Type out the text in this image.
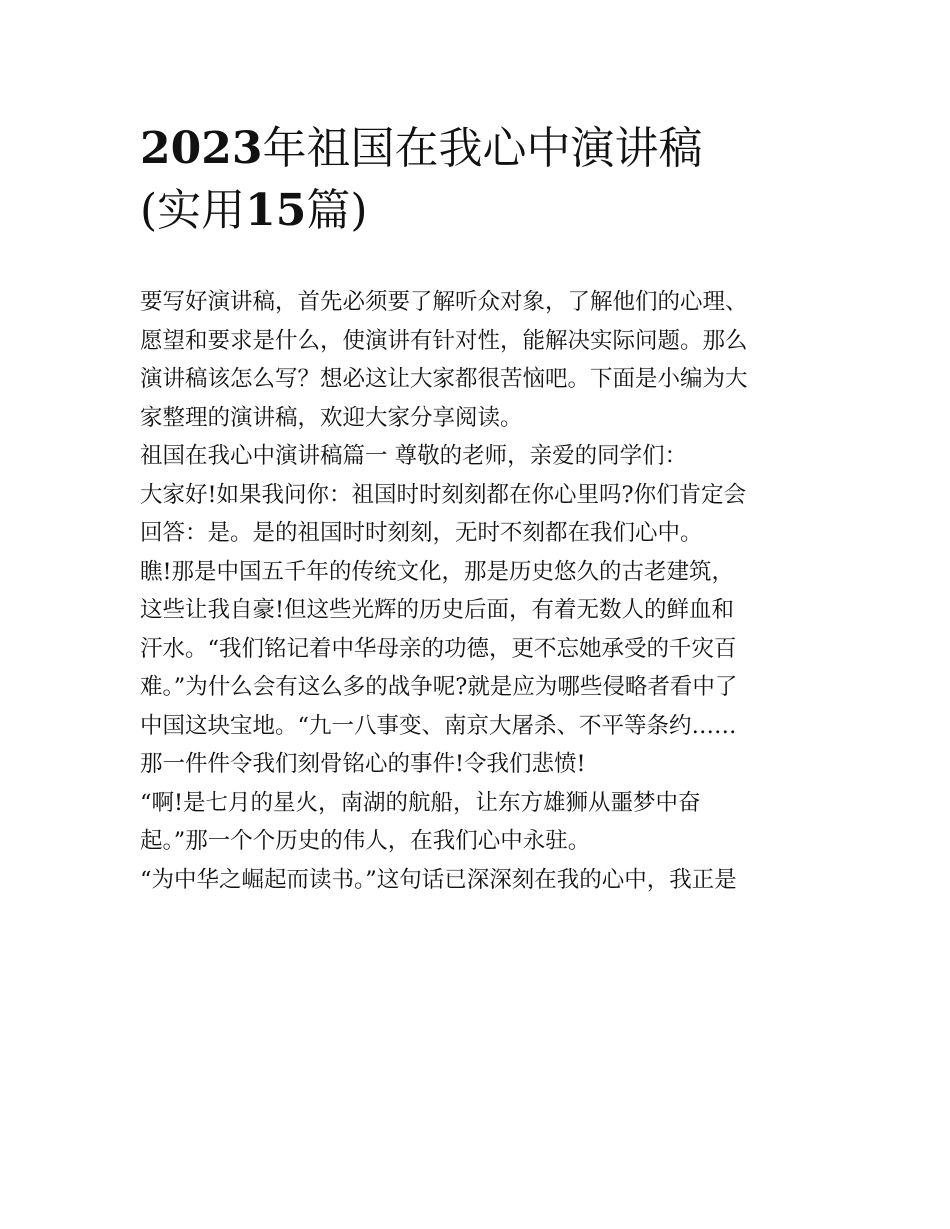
2023年祖国在我心中演讲稿
(实用15篇)
要写好演讲稿，首先必须要了解听众对象，了解他们的心理、
愿望和要求是什么，使演讲有针对性，能解决实际问题。那么
演讲稿该怎么写？想必这让大家都很苦恼吧。下面是小编为大
家整理的演讲稿，欢迎大家分享阅读。
祖国在我心中演讲稿篇一 尊敬的老师，亲爱的同学们：
大家好!如果我问你：祖国时时刻刻都在你心里吗?你们肯定会
回答：是。是的祖国时时刻刻，无时不刻都在我们心中。
瞧!那是中国五千年的传统文化，那是历史悠久的古老建筑，
这些让我自豪!但这些光辉的历史后面，有着无数人的鲜血和
汗水。“我们铭记着中华母亲的功德，更不忘她承受的千灾百
难。”为什么会有这么多的战争呢?就是应为哪些侵略者看中了
中国这块宝地。“九一八事变、南京大屠杀、不平等条约……
那一件件令我们刻骨铭心的事件!令我们悲愤!
“啊!是七月的星火，南湖的航船，让东方雄狮从噩梦中奋
起。”那一个个历史的伟人，在我们心中永驻。
“为中华之崛起而读书。”这句话已深深刻在我的心中，我正是
